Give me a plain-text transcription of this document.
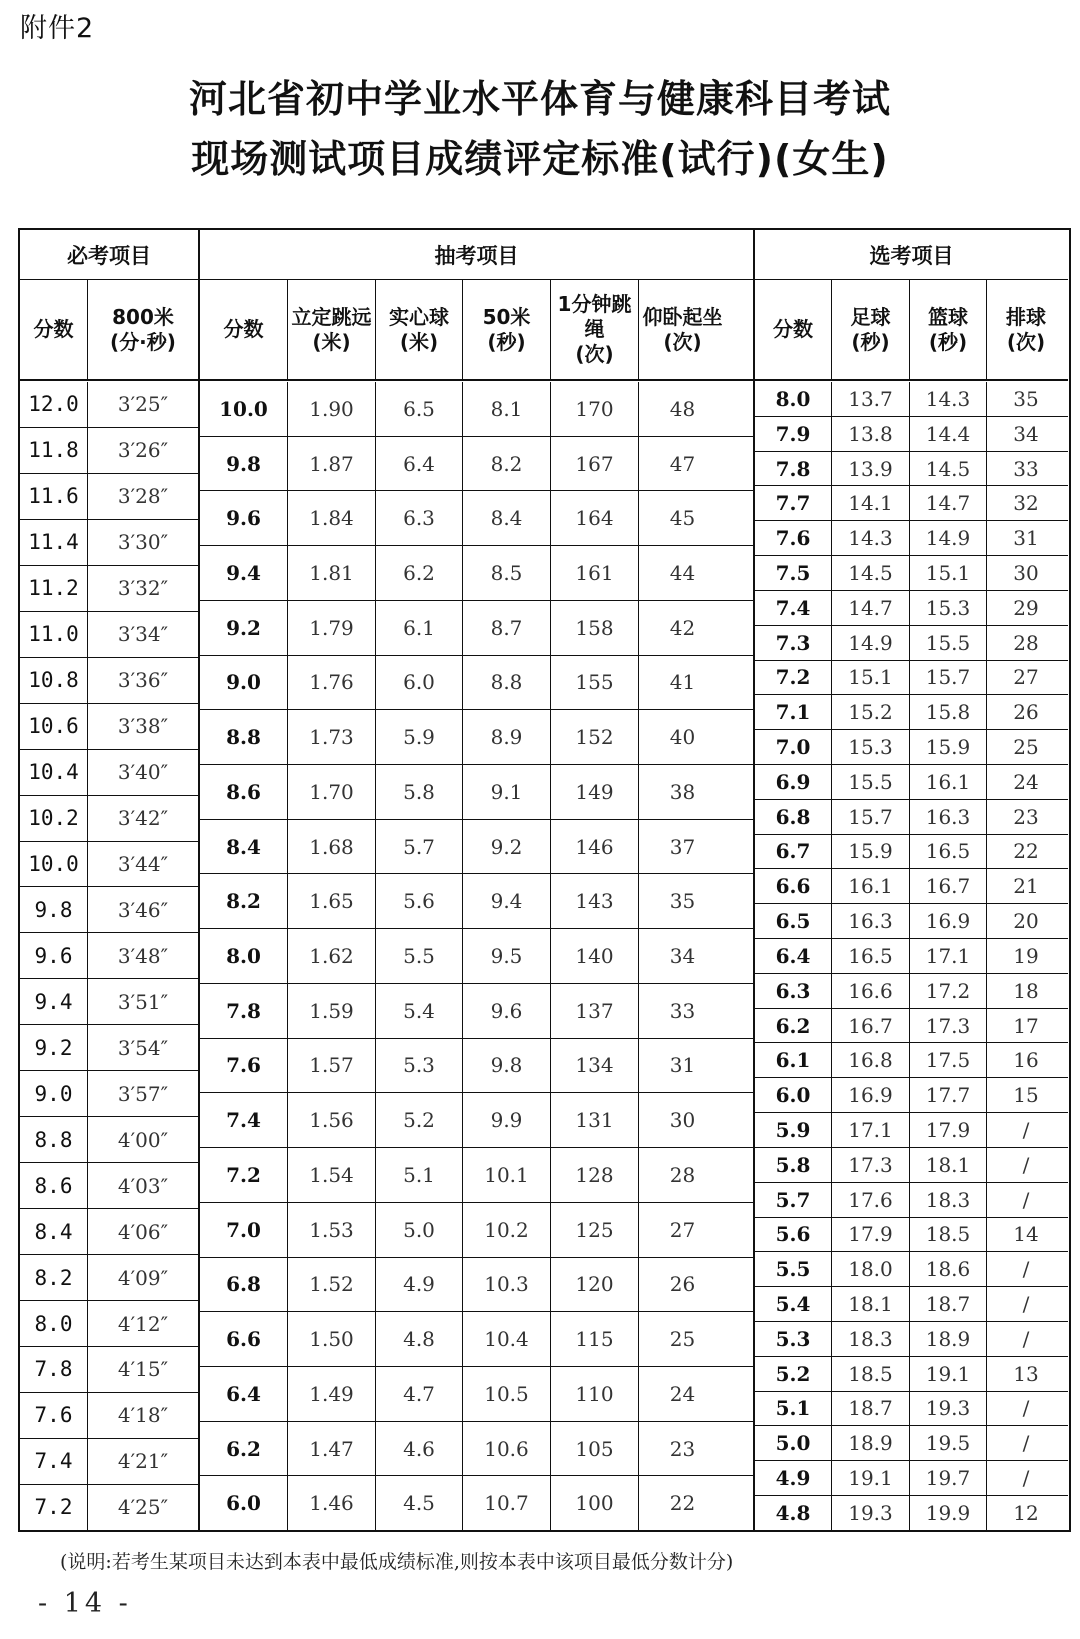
附件2
河北省初中学业水平体育与健康科目考试
现场测试项目成绩评定标准(试行)(女生)
必考项目
分数
800米
(分·秒)
12.0	3′25″
11.8	3′26″
11.6	3′28″
11.4	3′30″
11.2	3′32″
11.0	3′34″
10.8	3′36″
10.6	3′38″
10.4	3′40″
10.2	3′42″
10.0	3′44″
9.8	3′46″
9.6	3′48″
9.4	3′51″
9.2	3′54″
9.0	3′57″
8.8	4′00″
8.6	4′03″
8.4	4′06″
8.2	4′09″
8.0	4′12″
7.8	4′15″
7.6	4′18″
7.4	4′21″
7.2	4′25″
抽考项目
分数
立定跳远
(米)
实心球
(米)
50米
(秒)
1分钟跳绳
(次)
仰卧起坐
(次)
10.0	1.90	6.5	8.1	170	48
9.8	1.87	6.4	8.2	167	47
9.6	1.84	6.3	8.4	164	45
9.4	1.81	6.2	8.5	161	44
9.2	1.79	6.1	8.7	158	42
9.0	1.76	6.0	8.8	155	41
8.8	1.73	5.9	8.9	152	40
8.6	1.70	5.8	9.1	149	38
8.4	1.68	5.7	9.2	146	37
8.2	1.65	5.6	9.4	143	35
8.0	1.62	5.5	9.5	140	34
7.8	1.59	5.4	9.6	137	33
7.6	1.57	5.3	9.8	134	31
7.4	1.56	5.2	9.9	131	30
7.2	1.54	5.1	10.1	128	28
7.0	1.53	5.0	10.2	125	27
6.8	1.52	4.9	10.3	120	26
6.6	1.50	4.8	10.4	115	25
6.4	1.49	4.7	10.5	110	24
6.2	1.47	4.6	10.6	105	23
6.0	1.46	4.5	10.7	100	22
选考项目
分数
足球
(秒)
篮球
(秒)
排球
(次)
8.0	13.7	14.3	35
7.9	13.8	14.4	34
7.8	13.9	14.5	33
7.7	14.1	14.7	32
7.6	14.3	14.9	31
7.5	14.5	15.1	30
7.4	14.7	15.3	29
7.3	14.9	15.5	28
7.2	15.1	15.7	27
7.1	15.2	15.8	26
7.0	15.3	15.9	25
6.9	15.5	16.1	24
6.8	15.7	16.3	23
6.7	15.9	16.5	22
6.6	16.1	16.7	21
6.5	16.3	16.9	20
6.4	16.5	17.1	19
6.3	16.6	17.2	18
6.2	16.7	17.3	17
6.1	16.8	17.5	16
6.0	16.9	17.7	15
5.9	17.1	17.9	/
5.8	17.3	18.1	/
5.7	17.6	18.3	/
5.6	17.9	18.5	14
5.5	18.0	18.6	/
5.4	18.1	18.7	/
5.3	18.3	18.9	/
5.2	18.5	19.1	13
5.1	18.7	19.3	/
5.0	18.9	19.5	/
4.9	19.1	19.7	/
4.8	19.3	19.9	12
(说明:若考生某项目未达到本表中最低成绩标准,则按本表中该项目最低分数计分)
- 14 -
